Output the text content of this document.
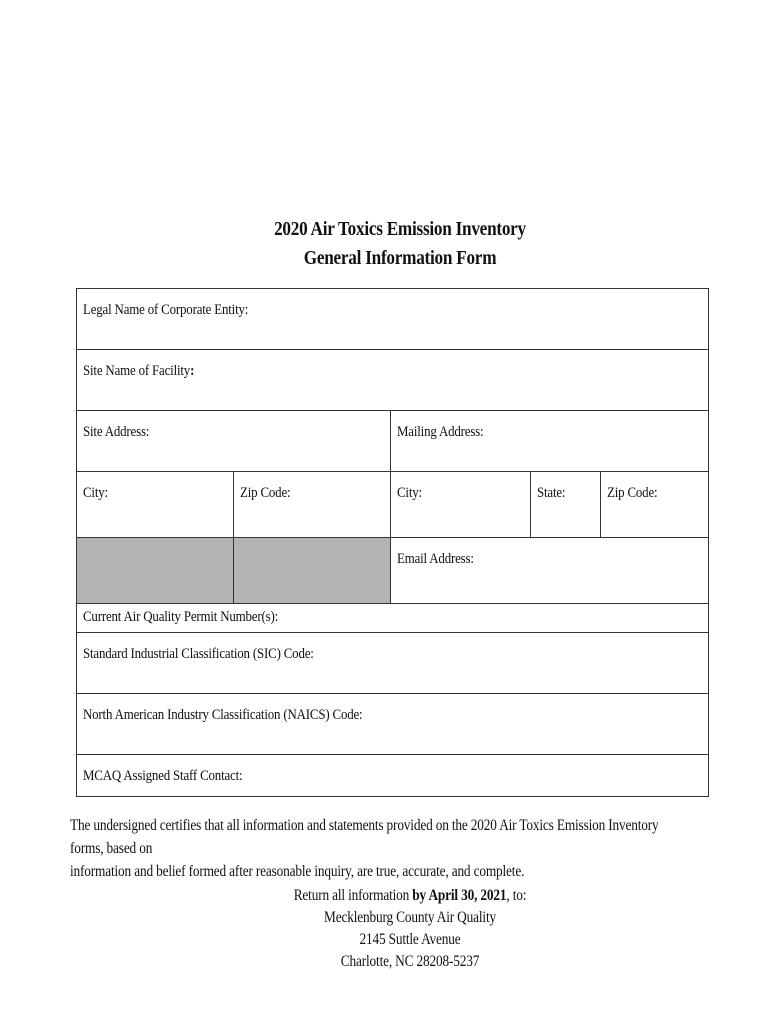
2020 Air Toxics Emission Inventory
General Information Form
Legal Name of Corporate Entity:				
Site Name of Facility:				
Site Address:		Mailing Address:		
City:	Zip Code:	City:	State:	Zip Code:
		Email Address:		
Current Air Quality Permit Number(s):				
Standard Industrial Classification (SIC) Code:				
North American Industry Classification (NAICS) Code:				
MCAQ Assigned Staff Contact:				
The undersigned certifies that all information and statements provided on the 2020 Air Toxics Emission Inventory forms, based on
information and belief formed after reasonable inquiry, are true, accurate, and complete.
Return all information by April 30, 2021, to:
Mecklenburg County Air Quality
2145 Suttle Avenue
Charlotte, NC 28208-5237
